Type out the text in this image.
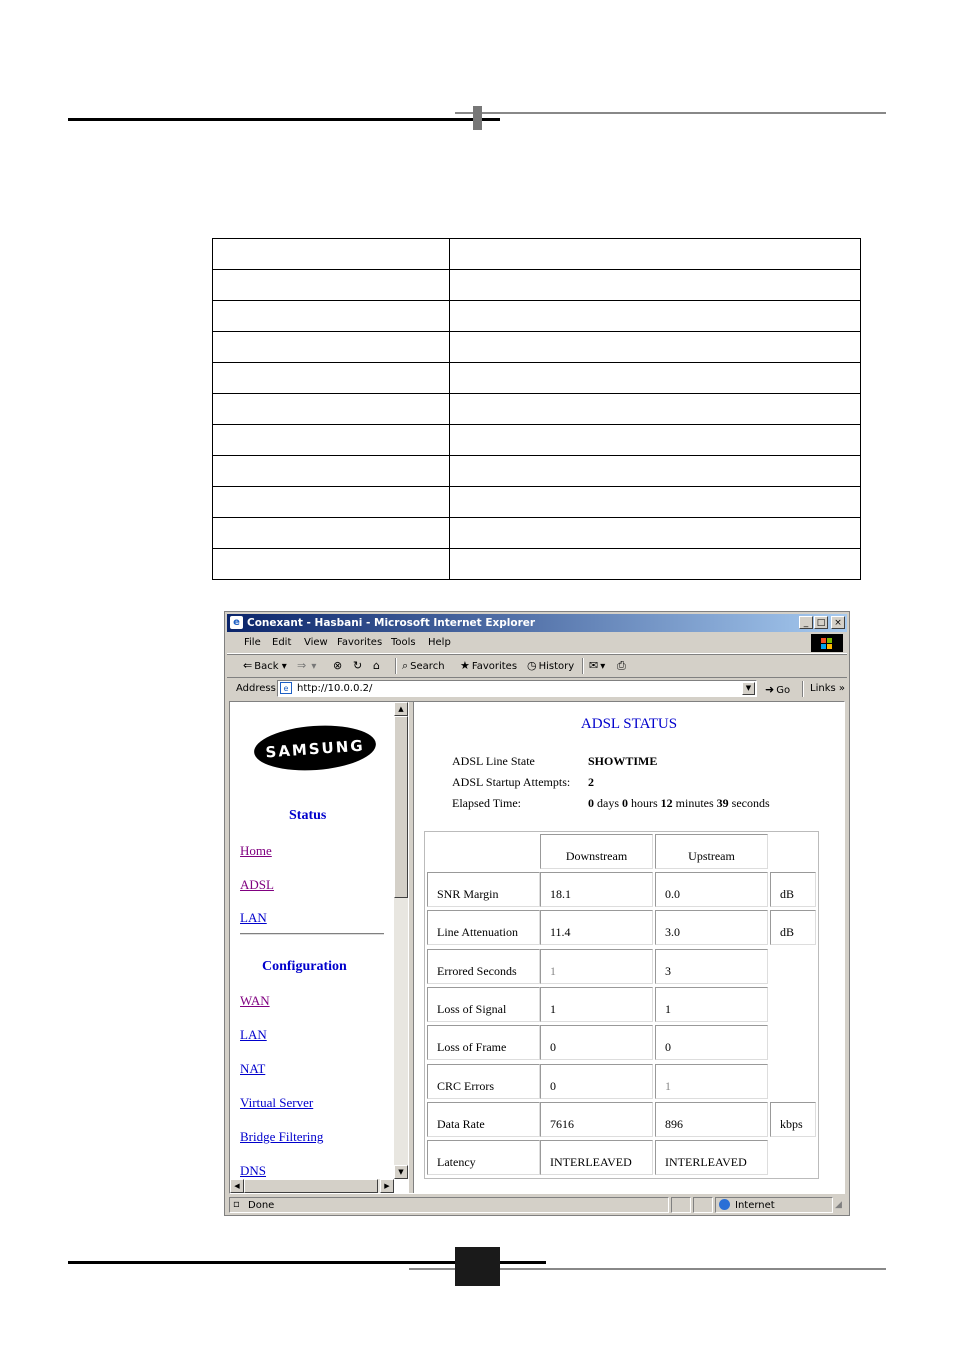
e Conexant - Hasbani - Microsoft Internet Explorer	_ □ ×
File Edit View Favorites Tools Help
⇐ Back ▾ ⇒ ▾ ⊗ ↻ ⌂ ⌕ Search ★ Favorites ◷ History ✉ ▾ ⎙
Address e http://10.0.0.2/	▼	➜ Go Links »
SAMSUNG
Status
Home
ADSL
LAN
Configuration
WAN
LAN
NAT
Virtual Server
Bridge Filtering
DNS
▲
▼
◀	▶
ADSL STATUS
ADSL Line State	SHOWTIME
ADSL Startup Attempts: 2
Elapsed Time:	0 days 0 hours 12 minutes 39 seconds
Downstream	Upstream
SNR Margin	18.1	0.0	dB
Line Attenuation	11.4	3.0	dB
Errored Seconds	1	3
Loss of Signal	1	1
Loss of Frame	0	0
CRC Errors	0	1
Data Rate	7616	896	kbps
Latency	INTERLEAVED	INTERLEAVED
▫ Done	Internet	◢
